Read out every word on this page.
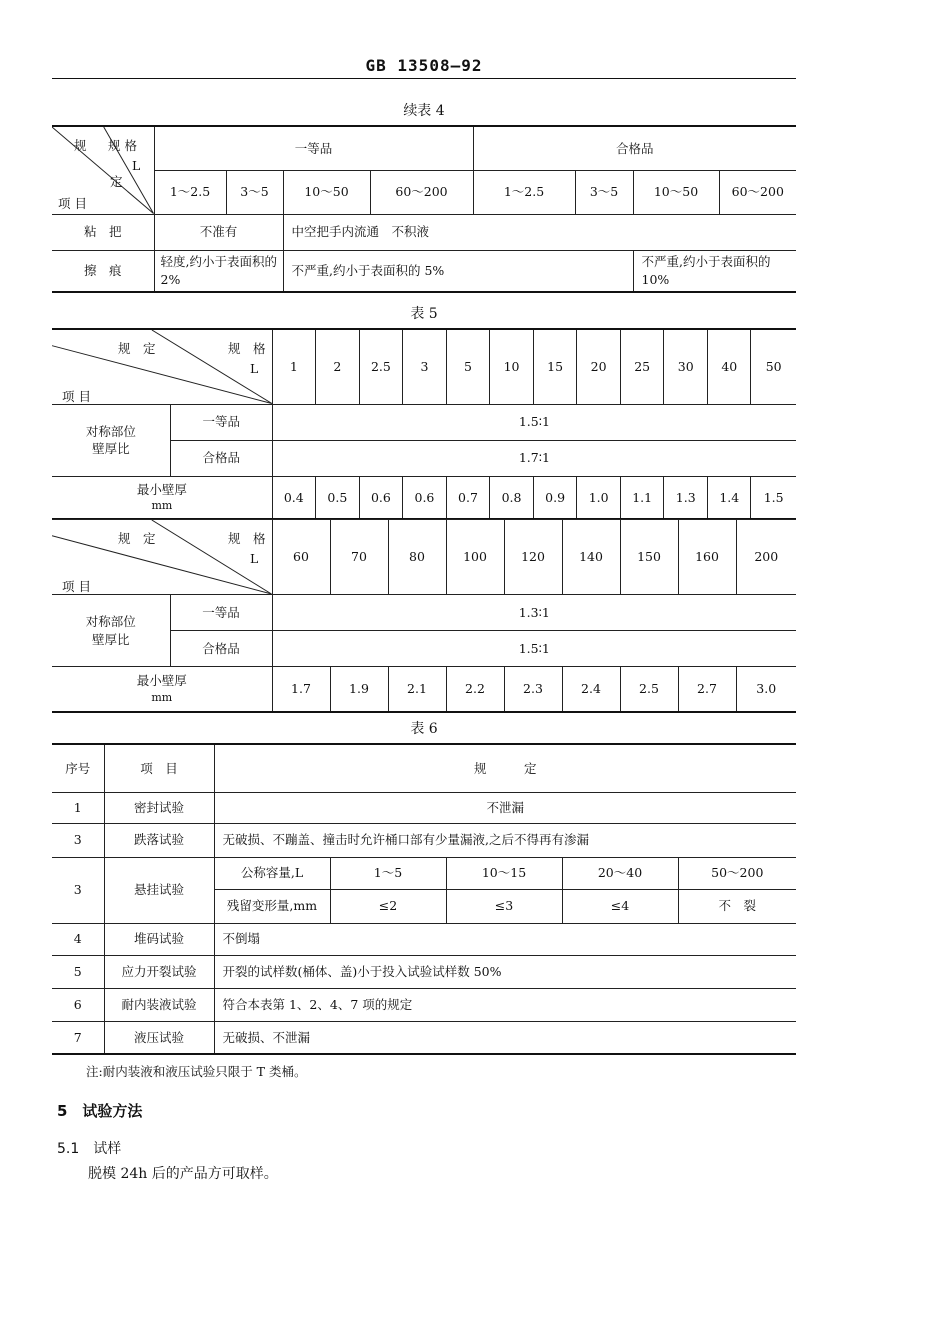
GB 13508—92
续表 4
规 规 格
L
定
项 目	一等品				合格品			
	1～2.5	3～5	10～50	60～200	1～2.5	3～5	10～50	60～200
粘　把	不准有		中空把手内流通　不积液					
擦　痕	轻度,约小于表面积的 2%		不严重,约小于表面积的 5%				不严重,约小于表面积的 10%	
表 5
规　定 规　格
L
项 目		1	2	2.5	3	5	10	15	20	25	30	40	50

对称部位
壁厚比	一等品	1.5∶1											
	合格品	1.7∶1											

最小壁厚
mm		0.4	0.5	0.6	0.6	0.7	0.8	0.9	1.0	1.1	1.3	1.4	1.5
规　定 规　格
L
项 目		60	70	80	100	120	140	150	160	200

对称部位
壁厚比	一等品	1.3∶1								
	合格品	1.5∶1								

最小壁厚
mm		1.7	1.9	2.1	2.2	2.3	2.4	2.5	2.7	3.0
表 6
序号	项　目	规　　　定				
1	密封试验	不泄漏				
3	跌落试验	无破损、不蹦盖、撞击时允许桶口部有少量漏液,之后不得再有渗漏				
3	悬挂试验	公称容量,L	1～5	10～15	20～40	50～200
		残留变形量,mm	≤2	≤3	≤4	不　裂
4	堆码试验	不倒塌				
5	应力开裂试验	开裂的试样数(桶体、盖)小于投入试验试样数 50%				
6	耐内装液试验	符合本表第 1、2、4、7 项的规定				
7	液压试验	无破损、不泄漏				
注:耐内装液和液压试验只限于 T 类桶。
5　试验方法
5.1　试样
脱模 24h 后的产品方可取样。
